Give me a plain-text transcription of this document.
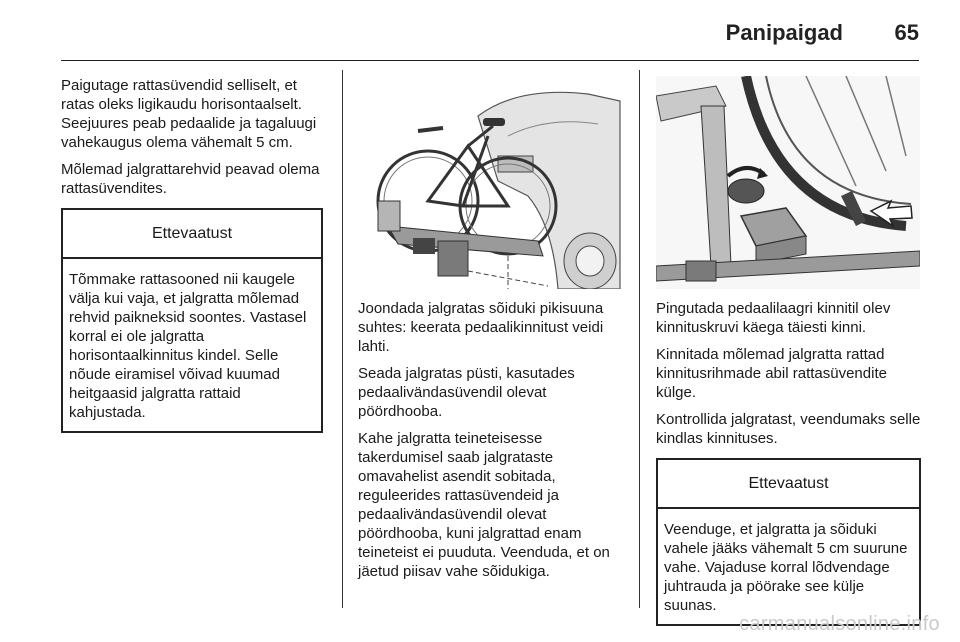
Panipaigad 65

Paigutage rattasüvendid selliselt, et ratas oleks ligikaudu horisontaalselt. Seejuures peab pedaalide ja tagaluugi vahekaugus olema vähemalt 5 cm.

Mõlemad jalgrattarehvid peavad olema rattasüvendites.

Ettevaatust
Tõmmake rattasooned nii kaugele välja kui vaja, et jalgratta mõlemad rehvid paikneksid soontes. Vastasel korral ei ole jalgratta horisontaalkinnitus kindel. Selle nõude eiramisel võivad kuumad heitgaasid jalgratta rattaid kahjustada.

Joondada jalgratas sõiduki pikisuuna suhtes: keerata pedaalikinnitust veidi lahti.

Seada jalgratas püsti, kasutades pedaalivändasüvendil olevat pöördhooba.

Kahe jalgratta teineteisesse takerdumisel saab jalgrataste omavahelist asendit sobitada, reguleerides rattasüvendeid ja pedaalivändasüvendil olevat pöördhooba, kuni jalgrattad enam teineteist ei puuduta. Veenduda, et on jäetud piisav vahe sõidukiga.

Pingutada pedaalilaagri kinnitil olev kinnituskruvi käega täiesti kinni.

Kinnitada mõlemad jalgratta rattad kinnitusrihmade abil rattasüvendite külge.

Kontrollida jalgratast, veendumaks selle kindlas kinnituses.

Ettevaatust
Veenduge, et jalgratta ja sõiduki vahele jääks vähemalt 5 cm suurune vahe. Vajaduse korral lõdvendage juhtrauda ja pöörake see külje suunas.
carmanualsonline.info
